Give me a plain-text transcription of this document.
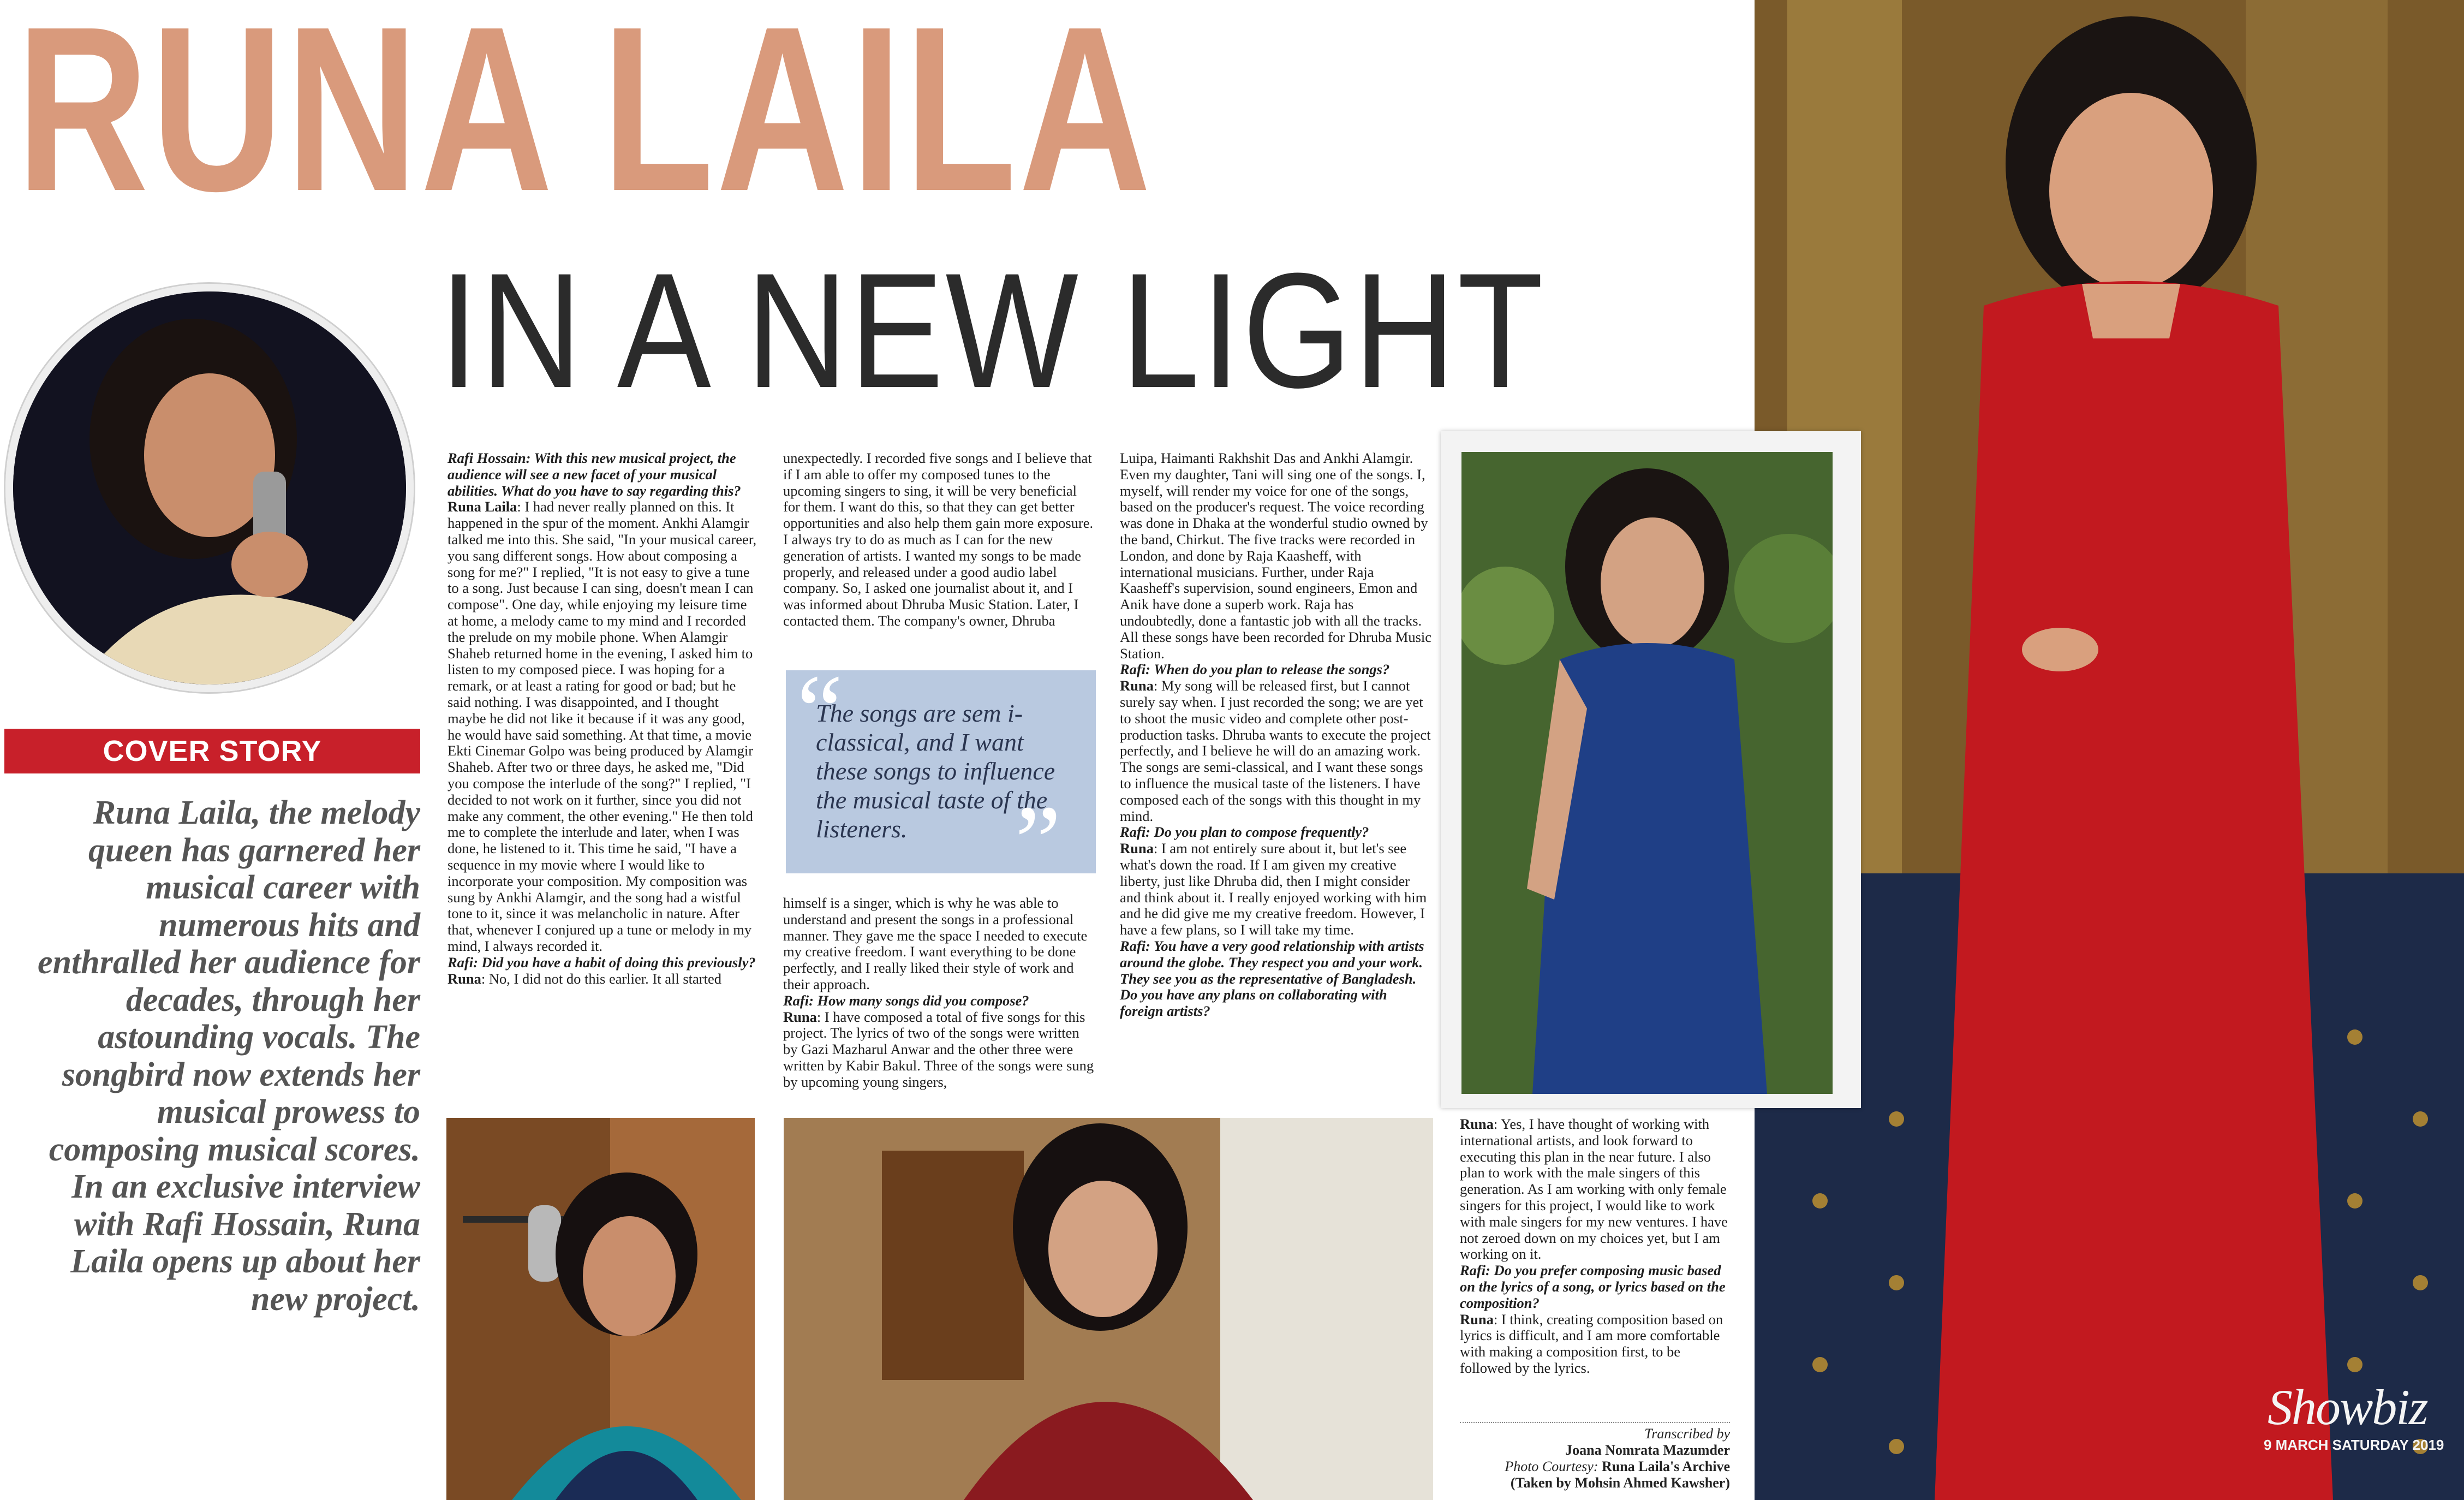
RUNA LAILA
IN A NEW LIGHT
COVER STORY
Runa Laila, the melody queen has garnered her musical career with numerous hits and enthralled her audience for decades, through her astounding vocals. The songbird now extends her musical prowess to composing musical scores. In an exclusive interview with Rafi Hossain, Runa Laila opens up about her new project.

Rafi Hossain: With this new musical project, the audience will see a new facet of your musical abilities. What do you have to say regarding this?

Runa Laila: I had never really planned on this. It happened in the spur of the moment. Ankhi Alamgir talked me into this. She said, "In your musical career, you sang different songs. How about composing a song for me?" I replied, "It is not easy to give a tune to a song. Just because I can sing, doesn't mean I can compose". One day, while enjoying my leisure time at home, a melody came to my mind and I recorded the prelude on my mobile phone. When Alamgir Shaheb returned home in the evening, I asked him to listen to my composed piece. I was hoping for a remark, or at least a rating for good or bad; but he said nothing. I was disappointed, and I thought maybe he did not like it because if it was any good, he would have said something. At that time, a movie Ekti Cinemar Golpo was being produced by Alamgir Shaheb. After two or three days, he asked me, "Did you compose the interlude of the song?" I replied, "I decided to not work on it further, since you did not make any comment, the other evening." He then told me to complete the interlude and later, when I was done, he listened to it. This time he said, "I have a sequence in my movie where I would like to incorporate your composition. My composition was sung by Ankhi Alamgir, and the song had a wistful tone to it, since it was melancholic in nature. After that, whenever I conjured up a tune or melody in my mind, I always recorded it.

Rafi: Did you have a habit of doing this previously?

Runa: No, I did not do this earlier. It all started

unexpectedly. I recorded five songs and I believe that if I am able to offer my composed tunes to the upcoming singers to sing, it will be very beneficial for them. I want do this, so that they can get better opportunities and also help them gain more exposure. I always try to do as much as I can for the new generation of artists. I wanted my songs to be made properly, and released under a good audio label company. So, I asked one journalist about it, and I was informed about Dhruba Music Station. Later, I contacted them. The company's owner, Dhruba

“
The songs are sem i-classical, and I want these songs to influence the musical taste of the listeners.	”

himself is a singer, which is why he was able to understand and present the songs in a professional manner. They gave me the space I needed to execute my creative freedom. I want everything to be done perfectly, and I really liked their style of work and their approach.

Rafi: How many songs did you compose?

Runa: I have composed a total of five songs for this project. The lyrics of two of the songs were written by Gazi Mazharul Anwar and the other three were written by Kabir Bakul. Three of the songs were sung by upcoming young singers,

Luipa, Haimanti Rakhshit Das and Ankhi Alamgir. Even my daughter, Tani will sing one of the songs. I, myself, will render my voice for one of the songs, based on the producer's request. The voice recording was done in Dhaka at the wonderful studio owned by the band, Chirkut. The five tracks were recorded in London, and done by Raja Kaasheff, with international musicians. Further, under Raja Kaasheff's supervision, sound engineers, Emon and Anik have done a superb work. Raja has undoubtedly, done a fantastic job with all the tracks. All these songs have been recorded for Dhruba Music Station.

Rafi: When do you plan to release the songs?

Runa: My song will be released first, but I cannot surely say when. I just recorded the song; we are yet to shoot the music video and complete other post-production tasks. Dhruba wants to execute the project perfectly, and I believe he will do an amazing work. The songs are semi-classical, and I want these songs to influence the musical taste of the listeners. I have composed each of the songs with this thought in my mind.

Rafi: Do you plan to compose frequently?

Runa: I am not entirely sure about it, but let's see what's down the road. If I am given my creative liberty, just like Dhruba did, then I might consider and think about it. I really enjoyed working with him and he did give me my creative freedom. However, I have a few plans, so I will take my time.

Rafi: You have a very good relationship with artists around the globe. They respect you and your work. They see you as the representative of Bangladesh. Do you have any plans on collaborating with foreign artists?

Runa: Yes, I have thought of working with international artists, and look forward to executing this plan in the near future. I also plan to work with the male singers of this generation. As I am working with only female singers for this project, I would like to work with male singers for my new ventures. I have not zeroed down on my choices yet, but I am working on it.

Rafi: Do you prefer composing music based on the lyrics of a song, or lyrics based on the composition?

Runa: I think, creating composition based on lyrics is difficult, and I am more comfortable with making a composition first, to be followed by the lyrics.

Transcribed by
Joana Nomrata Mazumder
Photo Courtesy: Runa Laila's Archive
(Taken by Mohsin Ahmed Kawsher)
Showbiz
9 MARCH SATURDAY 2019
